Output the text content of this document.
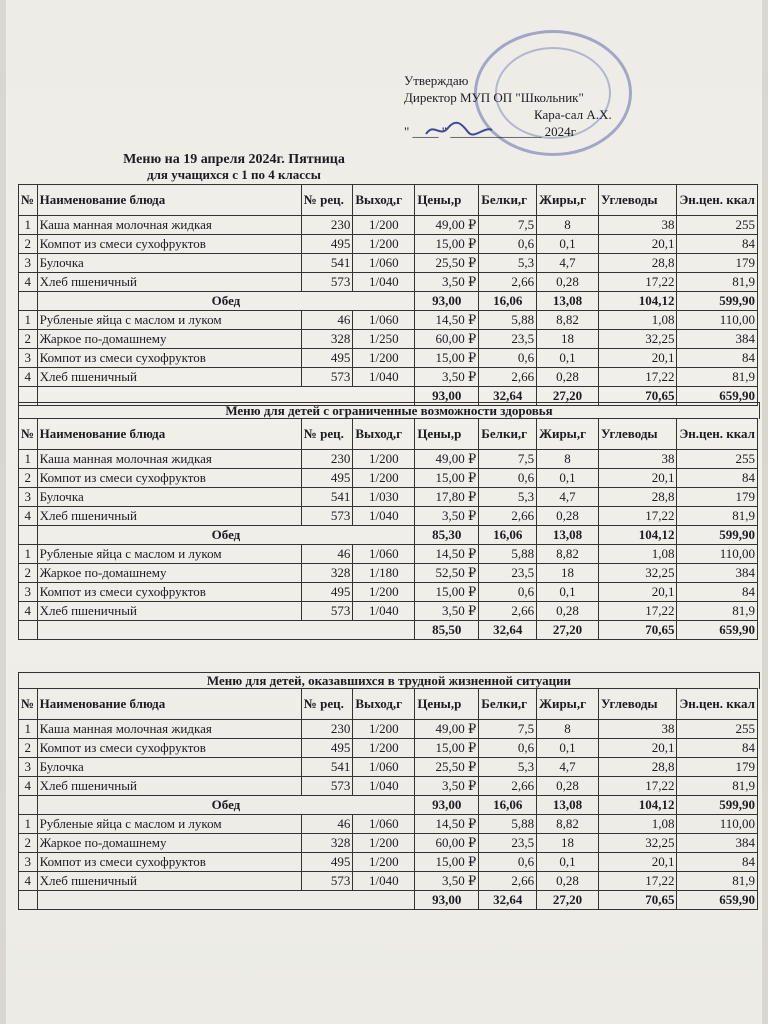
Утверждаю
Директор МУП ОП "Школьник"
Кара-сал А.Х.
" ____ " ______________ 2024г
Меню на 19 апреля 2024г. Пятница
для учащихся с 1 по 4 классы
№	Наименование блюда	№ рец.	Выход,г	Цены,р	Белки,г	Жиры,г	Углеводы	Эн.цен. ккал
1	Каша манная молочная жидкая	230	1/200	49,00 ₽	7,5	8	38	255
2	Компот из смеси сухофруктов	495	1/200	15,00 ₽	0,6	0,1	20,1	84
3	Булочка	541	1/060	25,50 ₽	5,3	4,7	28,8	179
4	Хлеб пшеничный	573	1/040	3,50 ₽	2,66	0,28	17,22	81,9
	Обед			93,00	16,06	13,08	104,12	599,90
1	Рубленые яйца с маслом и луком	46	1/060	14,50 ₽	5,88	8,82	1,08	110,00
2	Жаркое по-домашнему	328	1/250	60,00 ₽	23,5	18	32,25	384
3	Компот из смеси сухофруктов	495	1/200	15,00 ₽	0,6	0,1	20,1	84
4	Хлеб пшеничный	573	1/040	3,50 ₽	2,66	0,28	17,22	81,9
				93,00	32,64	27,20	70,65	659,90
Меню для детей с ограниченные возможности здоровья
№	Наименование блюда	№ рец.	Выход,г	Цены,р	Белки,г	Жиры,г	Углеводы	Эн.цен. ккал
1	Каша манная молочная жидкая	230	1/200	49,00 ₽	7,5	8	38	255
2	Компот из смеси сухофруктов	495	1/200	15,00 ₽	0,6	0,1	20,1	84
3	Булочка	541	1/030	17,80 ₽	5,3	4,7	28,8	179
4	Хлеб пшеничный	573	1/040	3,50 ₽	2,66	0,28	17,22	81,9
	Обед			85,30	16,06	13,08	104,12	599,90
1	Рубленые яйца с маслом и луком	46	1/060	14,50 ₽	5,88	8,82	1,08	110,00
2	Жаркое по-домашнему	328	1/180	52,50 ₽	23,5	18	32,25	384
3	Компот из смеси сухофруктов	495	1/200	15,00 ₽	0,6	0,1	20,1	84
4	Хлеб пшеничный	573	1/040	3,50 ₽	2,66	0,28	17,22	81,9
				85,50	32,64	27,20	70,65	659,90
Меню для детей, оказавшихся в трудной жизненной ситуации
№	Наименование блюда	№ рец.	Выход,г	Цены,р	Белки,г	Жиры,г	Углеводы	Эн.цен. ккал
1	Каша манная молочная жидкая	230	1/200	49,00 ₽	7,5	8	38	255
2	Компот из смеси сухофруктов	495	1/200	15,00 ₽	0,6	0,1	20,1	84
3	Булочка	541	1/060	25,50 ₽	5,3	4,7	28,8	179
4	Хлеб пшеничный	573	1/040	3,50 ₽	2,66	0,28	17,22	81,9
	Обед			93,00	16,06	13,08	104,12	599,90
1	Рубленые яйца с маслом и луком	46	1/060	14,50 ₽	5,88	8,82	1,08	110,00
2	Жаркое по-домашнему	328	1/200	60,00 ₽	23,5	18	32,25	384
3	Компот из смеси сухофруктов	495	1/200	15,00 ₽	0,6	0,1	20,1	84
4	Хлеб пшеничный	573	1/040	3,50 ₽	2,66	0,28	17,22	81,9
				93,00	32,64	27,20	70,65	659,90
